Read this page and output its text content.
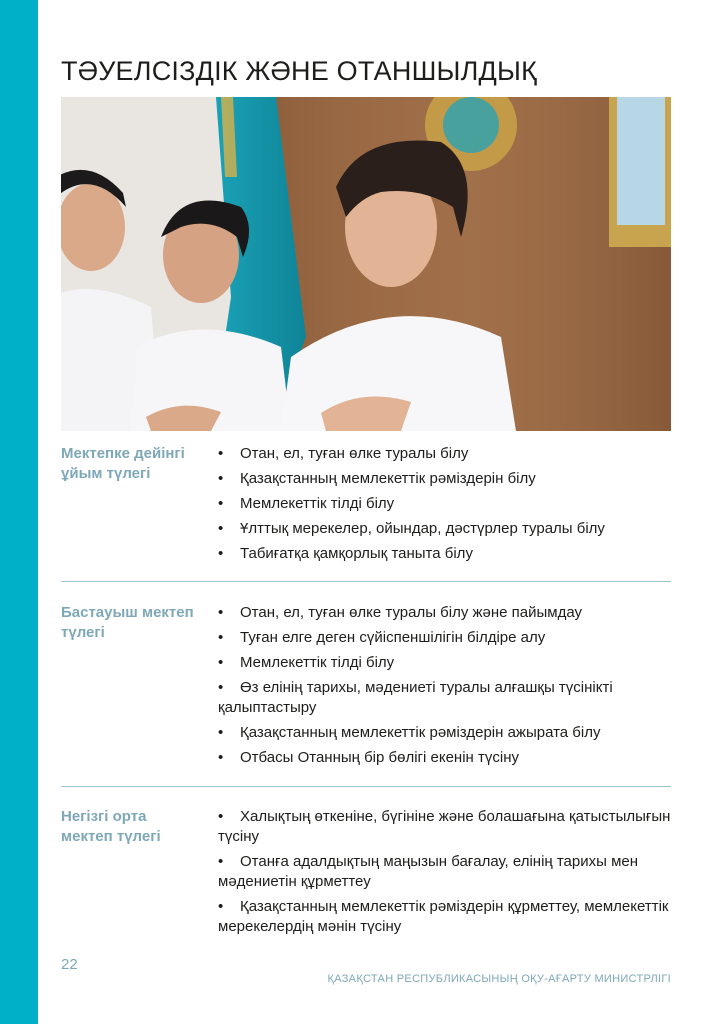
ТӘУЕЛСІЗДІК ЖӘНЕ ОТАНШЫЛДЫҚ
Мектепке дейінгі ұйым түлегі
• Отан, ел, туған өлке туралы білу
• Қазақстанның мемлекеттік рәміздерін білу
• Мемлекеттік тілді білу
• Ұлттық мерекелер, ойындар, дәстүрлер туралы білу
• Табиғатқа қамқорлық таныта білу
Бастауыш мектеп түлегі
• Отан, ел, туған өлке туралы білу және пайымдау
• Туған елге деген сүйіспеншілігін білдіре алу
• Мемлекеттік тілді білу
• Өз елінің тарихы, мәдениеті туралы алғашқы түсінікті қалыптастыру
• Қазақстанның мемлекеттік рәміздерін ажырата білу
• Отбасы Отанның бір бөлігі екенін түсіну
Негізгі орта мектеп түлегі
• Халықтың өткеніне, бүгініне және болашағына қатыстылығын түсіну
• Отанға адалдықтың маңызын бағалау, елінің тарихы мен мәдениетін құрметтеу
• Қазақстанның мемлекеттік рәміздерін құрметтеу, мемлекеттік мерекелердің мәнін түсіну
22
ҚАЗАҚСТАН РЕСПУБЛИКАСЫНЫҢ ОҚУ-АҒАРТУ МИНИСТРЛІГІ
